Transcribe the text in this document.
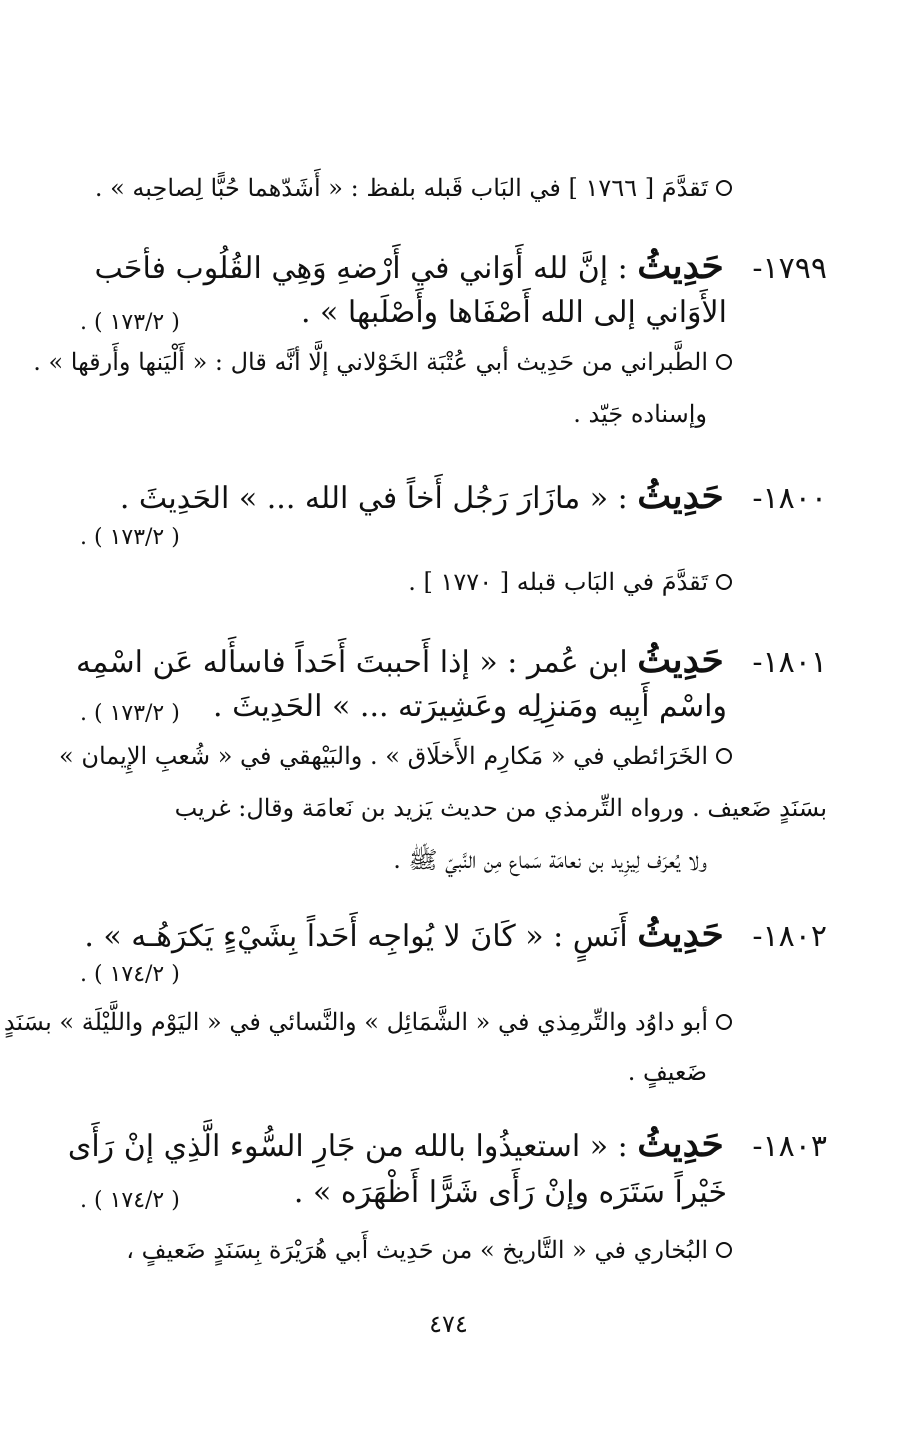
تَقدَّمَ [ ١٧٦٦ ] في البَاب قَبله بلفظ : « أَشَدّهما حُبًّا لِصاحِبه » .
١٧٩٩-   حَدِيثُ : إنَّ لله أَوَاني في أَرْضهِ وَهِي القُلُوب فأحَب
الأَوَاني إلى الله أَصْفَاها وأَصْلَبها » .
( ١٧٣/٢ ) .
الطَّبراني من حَدِيث أبي عُتْبَة الخَوْلاني إلَّا أنَّه قال : « أَلْيَنها وأَرقها » .
وإسناده جَيّد .
١٨٠٠-   حَدِيثُ : « مازَارَ رَجُل أَخاً في الله ... » الحَدِيثَ .
( ١٧٣/٢ ) .
تَقدَّمَ في البَاب قبله [ ١٧٧٠ ] .
١٨٠١-   حَدِيثُ ابن عُمر : « إذا أَحببتَ أَحَداً فاسأَله عَن اسْمِه
واسْم أَبِيه ومَنزِلِه وعَشِيرَته ... » الحَدِيثَ .
( ١٧٣/٢ ) .
الخَرَائطي في « مَكارِم الأَخلَاق » . والبَيْهقي في « شُعبِ الإِيمان »
بسَنَدٍ ضَعيف . ورواه التِّرمذي من حديث يَزيد بن نَعامَة وقال: غريب
ولا يُعرَف لِيزِيد بن نعامَة سَماع مِن النَّبيّ ﷺ .
١٨٠٢-   حَدِيثُ أَنَسٍ : « كَانَ لا يُواجِه أَحَداً بِشَيْءٍ يَكرَهُـه » .
( ١٧٤/٢ ) .
أبو داوُد والتِّرمِذي في « الشَّمَائِل » والنَّسائي في « اليَوْم واللَّيْلَة » بسَنَدٍ
ضَعيفٍ .
١٨٠٣-   حَدِيثُ : « استعيذُوا بالله من جَارِ السُّوء الَّذِي إنْ رَأَى
خَيْراً سَتَرَه وإنْ رَأَى شَرًّا أَظْهَرَه » .
( ١٧٤/٢ ) .
البُخاري في « التَّاريخ » من حَدِيث أَبي هُرَيْرَة بِسَنَدٍ ضَعيفٍ ،
٤٧٤
